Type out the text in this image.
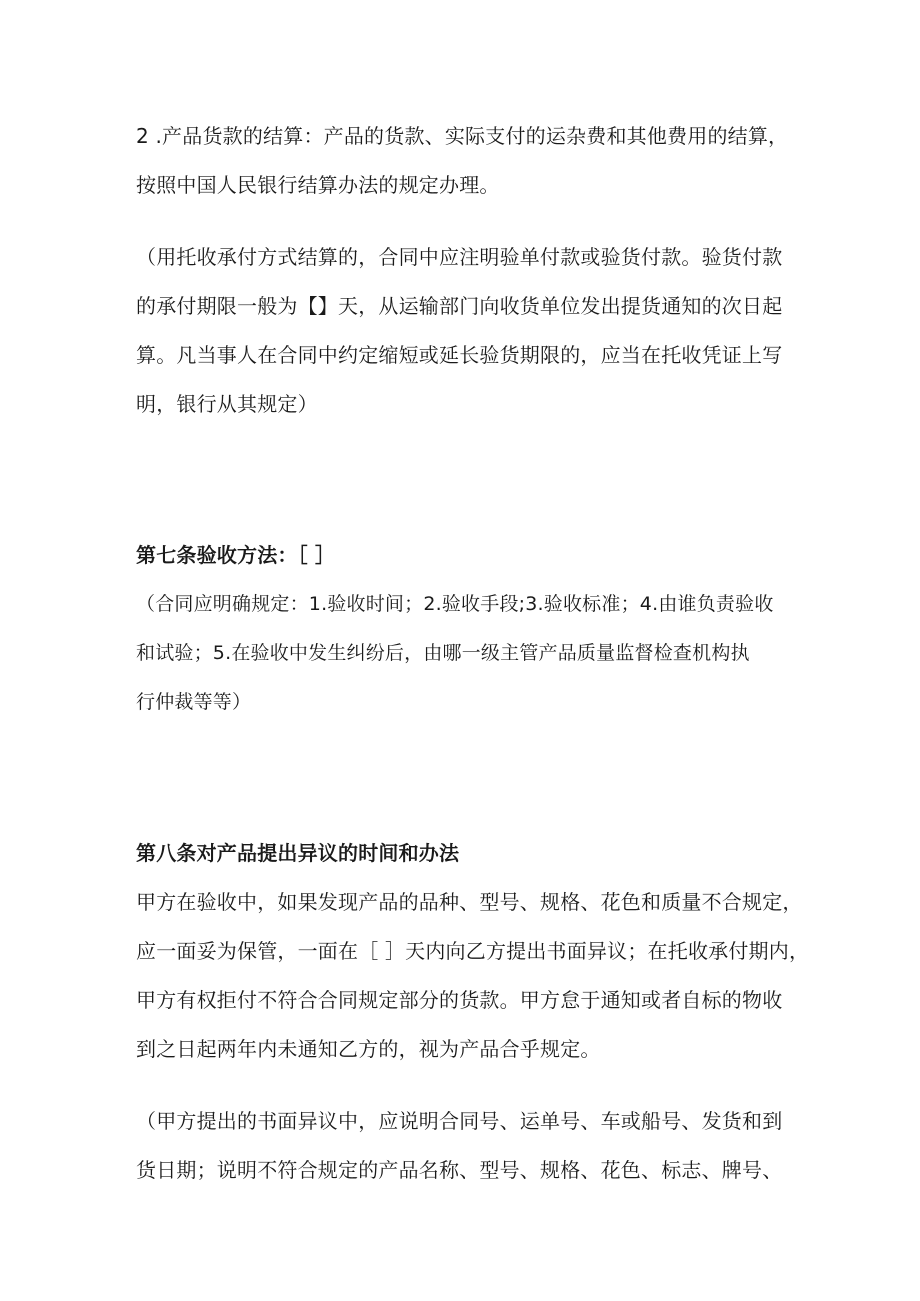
2 .产品货款的结算：产品的货款、实际支付的运杂费和其他费用的结算，
按照中国人民银行结算办法的规定办理。
（用托收承付方式结算的，合同中应注明验单付款或验货付款。验货付款
的承付期限一般为【】天，从运输部门向收货单位发出提货通知的次日起
算。凡当事人在合同中约定缩短或延长验货期限的，应当在托收凭证上写
明，银行从其规定）
第七条验收方法：［ ］
（合同应明确规定：1.验收时间；2.验收手段;3.验收标准；4.由谁负责验收
和试验；5.在验收中发生纠纷后，由哪一级主管产品质量监督检查机构执
行仲裁等等）
第八条对产品提出异议的时间和办法
甲方在验收中，如果发现产品的品种、型号、规格、花色和质量不合规定，
应一面妥为保管，一面在［ ］天内向乙方提出书面异议；在托收承付期内，
甲方有权拒付不符合合同规定部分的货款。甲方怠于通知或者自标的物收
到之日起两年内未通知乙方的，视为产品合乎规定。
（甲方提出的书面异议中，应说明合同号、运单号、车或船号、发货和到
货日期；说明不符合规定的产品名称、型号、规格、花色、标志、牌号、
